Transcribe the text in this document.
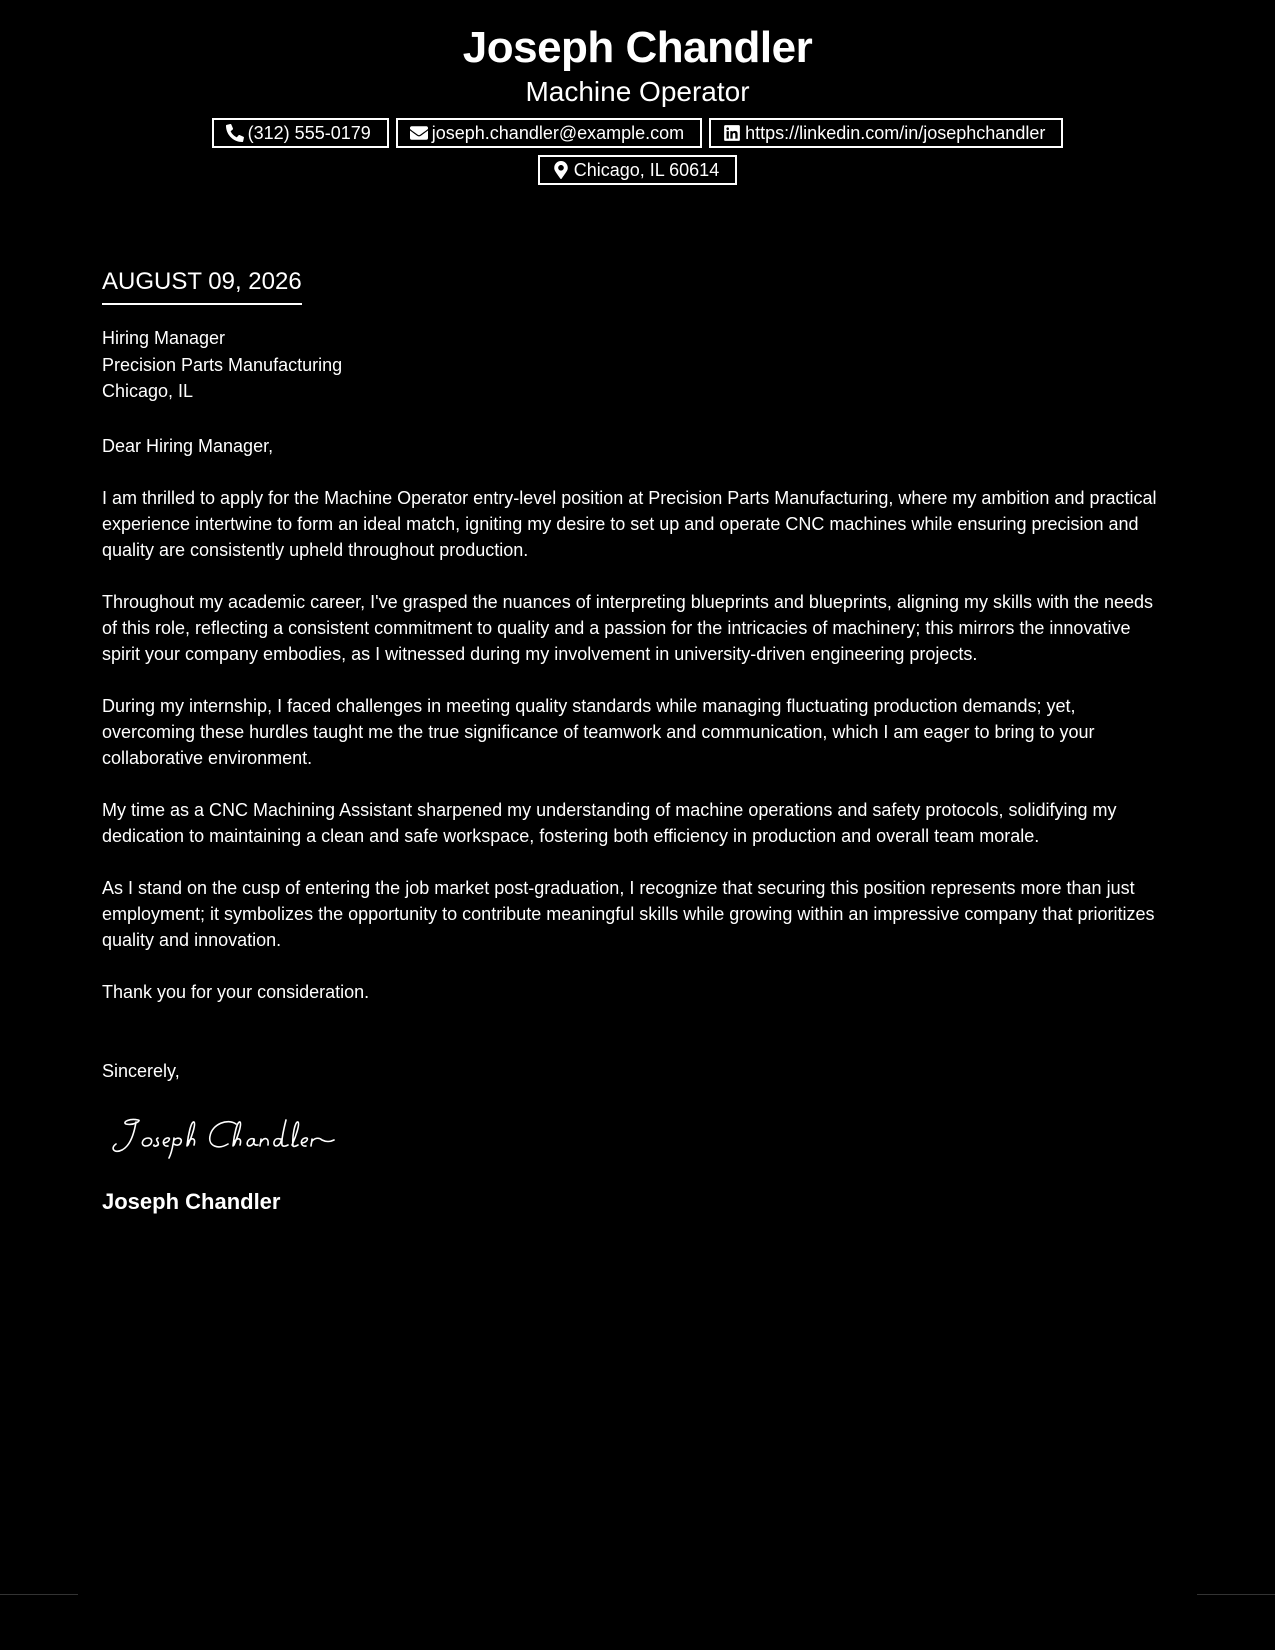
Joseph Chandler
Machine Operator
(312) 555-0179	joseph.chandler@example.com	https://linkedin.com/in/josephchandler
Chicago, IL 60614
AUGUST 09, 2026
Hiring Manager
Precision Parts Manufacturing
Chicago, IL
Dear Hiring Manager,

I am thrilled to apply for the Machine Operator entry-level position at Precision Parts Manufacturing, where my ambition and practical experience intertwine to form an ideal match, igniting my desire to set up and operate CNC machines while ensuring precision and quality are consistently upheld throughout production.

Throughout my academic career, I've grasped the nuances of interpreting blueprints and blueprints, aligning my skills with the needs of this role, reflecting a consistent commitment to quality and a passion for the intricacies of machinery; this mirrors the innovative spirit your company embodies, as I witnessed during my involvement in university-driven engineering projects.

During my internship, I faced challenges in meeting quality standards while managing fluctuating production demands; yet, overcoming these hurdles taught me the true significance of teamwork and communication, which I am eager to bring to your collaborative environment.

My time as a CNC Machining Assistant sharpened my understanding of machine operations and safety protocols, solidifying my dedication to maintaining a clean and safe workspace, fostering both efficiency in production and overall team morale.

As I stand on the cusp of entering the job market post-graduation, I recognize that securing this position represents more than just employment; it symbolizes the opportunity to contribute meaningful skills while growing within an impressive company that prioritizes quality and innovation.

Thank you for your consideration.

Sincerely,
Joseph Chandler
